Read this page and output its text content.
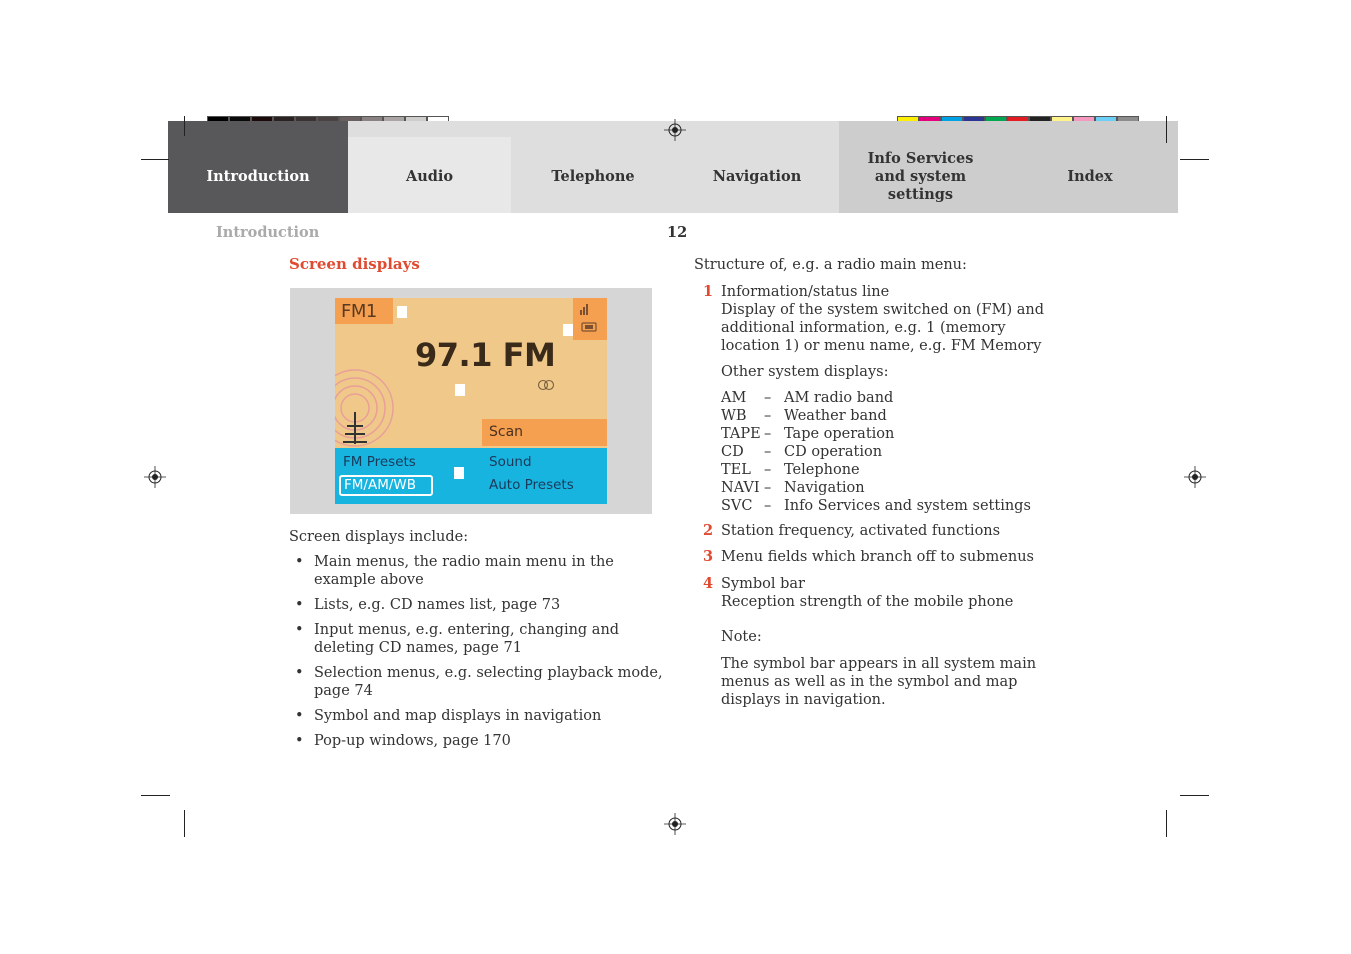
Introduction	Audio	Telephone	Navigation
Info Services and system settings
Index
Introduction	12
Screen displays
FM1
97.1 FM
Scan
FM Presets	Sound
FM/AM/WB	Auto Presets
Screen displays include:
• Main menus, the radio main menu in the example above
• Lists, e.g. CD names list, page 73
• Input menus, e.g. entering, changing and deleting CD names, page 71
• Selection menus, e.g. selecting playback mode, page 74
• Symbol and map displays in navigation
• Pop-up windows, page 170
Structure of, e.g. a radio main menu:
1 Information/status line
Display of the system switched on (FM) and additional information, e.g. 1 (memory location 1) or menu name, e.g. FM Memory
Other system displays:
AM	– AM radio band
WB	– Weather band
TAPE – Tape operation
CD	– CD operation
TEL – Telephone
NAVI – Navigation
SVC – Info Services and system settings
2 Station frequency, activated functions
3 Menu fields which branch off to submenus
4 Symbol bar
Reception strength of the mobile phone
Note:
The symbol bar appears in all system main menus as well as in the symbol and map displays in navigation.
